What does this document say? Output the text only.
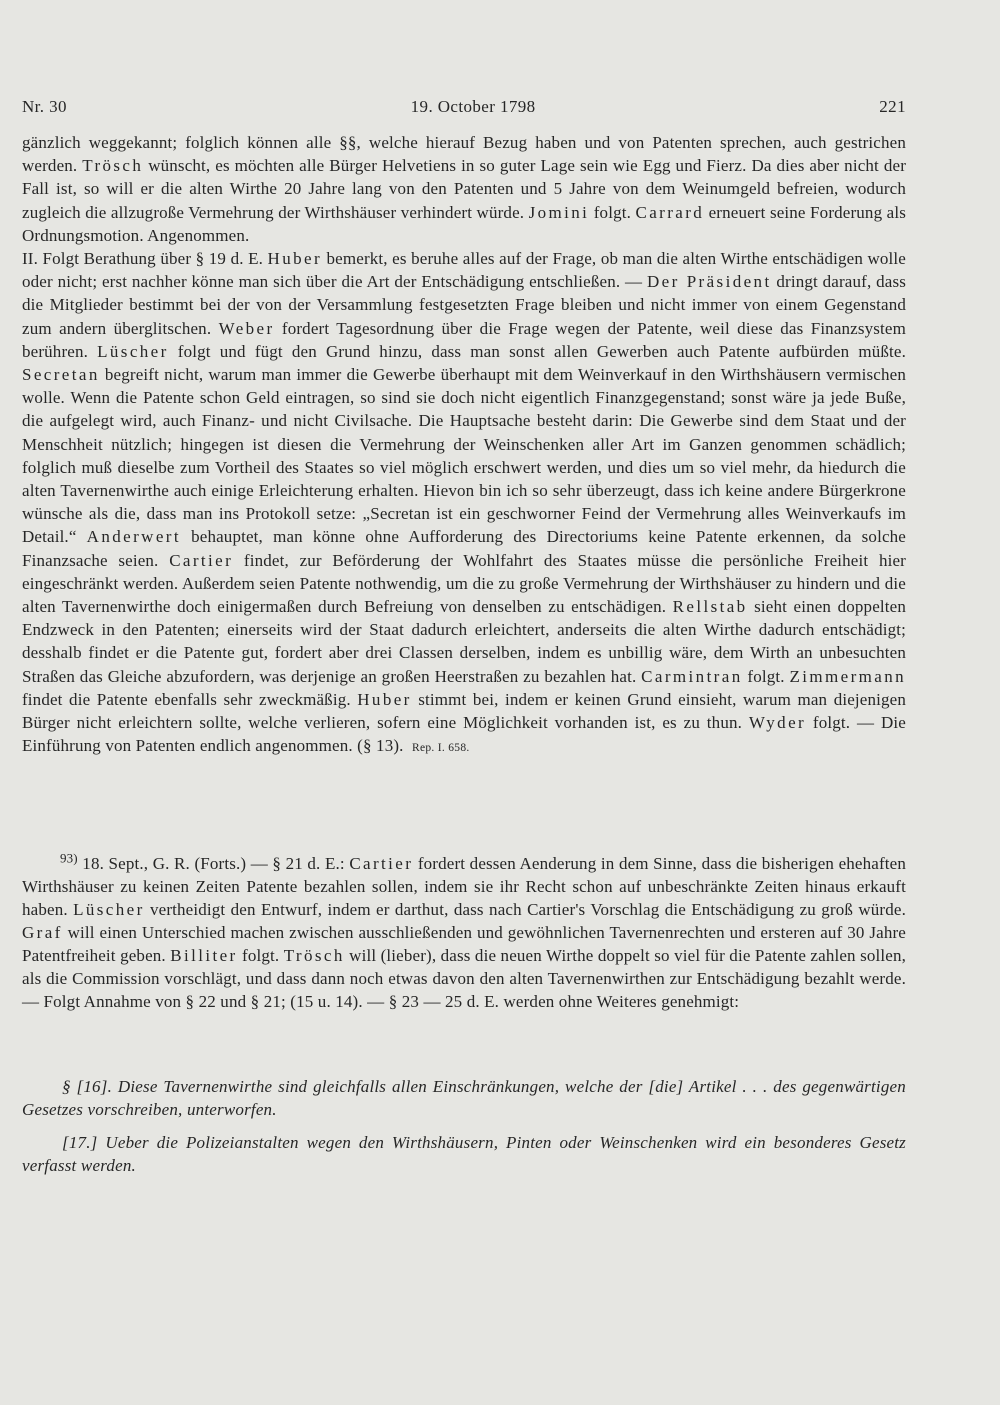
Nr. 30	19. October 1798	221

gänzlich weggekannt; folglich können alle §§, welche hierauf Bezug haben und von Patenten sprechen, auch gestrichen werden. Trösch wünscht, es möchten alle Bürger Helvetiens in so guter Lage sein wie Egg und Fierz. Da dies aber nicht der Fall ist, so will er die alten Wirthe 20 Jahre lang von den Patenten und 5 Jahre von dem Weinumgeld befreien, wodurch zugleich die allzugroße Vermehrung der Wirthshäuser verhindert würde. Jomini folgt. Carrard erneuert seine Forderung als Ordnungsmotion. Angenommen.

II. Folgt Berathung über § 19 d. E. Huber bemerkt, es beruhe alles auf der Frage, ob man die alten Wirthe entschädigen wolle oder nicht; erst nachher könne man sich über die Art der Entschädigung entschließen. — Der Präsident dringt darauf, dass die Mitglieder bestimmt bei der von der Versammlung festgesetzten Frage bleiben und nicht immer von einem Gegenstand zum andern überglitschen. Weber fordert Tagesordnung über die Frage wegen der Patente, weil diese das Finanzsystem berühren. Lüscher folgt und fügt den Grund hinzu, dass man sonst allen Gewerben auch Patente aufbürden müßte. Secretan begreift nicht, warum man immer die Gewerbe überhaupt mit dem Weinverkauf in den Wirthshäusern vermischen wolle. Wenn die Patente schon Geld eintragen, so sind sie doch nicht eigentlich Finanzgegenstand; sonst wäre ja jede Buße, die aufgelegt wird, auch Finanz- und nicht Civilsache. Die Hauptsache besteht darin: Die Gewerbe sind dem Staat und der Menschheit nützlich; hingegen ist diesen die Vermehrung der Weinschenken aller Art im Ganzen genommen schädlich; folglich muß dieselbe zum Vortheil des Staates so viel möglich erschwert werden, und dies um so viel mehr, da hiedurch die alten Tavernenwirthe auch einige Erleichterung erhalten. Hievon bin ich so sehr überzeugt, dass ich keine andere Bürgerkrone wünsche als die, dass man ins Protokoll setze: „Secretan ist ein geschworner Feind der Vermehrung alles Weinverkaufs im Detail.“ Anderwert behauptet, man könne ohne Aufforderung des Directoriums keine Patente erkennen, da solche Finanzsache seien. Cartier findet, zur Beförderung der Wohlfahrt des Staates müsse die persönliche Freiheit hier eingeschränkt werden. Außerdem seien Patente nothwendig, um die zu große Vermehrung der Wirthshäuser zu hindern und die alten Tavernenwirthe doch einigermaßen durch Befreiung von denselben zu entschädigen. Rellstab sieht einen doppelten Endzweck in den Patenten; einerseits wird der Staat dadurch erleichtert, anderseits die alten Wirthe dadurch entschädigt; desshalb findet er die Patente gut, fordert aber drei Classen derselben, indem es unbillig wäre, dem Wirth an unbesuchten Straßen das Gleiche abzufordern, was derjenige an großen Heerstraßen zu bezahlen hat. Carmintran folgt. Zimmermann findet die Patente ebenfalls sehr zweckmäßig. Huber stimmt bei, indem er keinen Grund einsieht, warum man diejenigen Bürger nicht erleichtern sollte, welche verlieren, sofern eine Möglichkeit vorhanden ist, es zu thun. Wyder folgt. — Die Einführung von Patenten endlich angenommen. (§ 13). Rep. I. 658.

$^{93)}$ 18. Sept., G. R. (Forts.) — § 21 d. E.: Cartier fordert dessen Aenderung in dem Sinne, dass die bisherigen ehehaften Wirthshäuser zu keinen Zeiten Patente bezahlen sollen, indem sie ihr Recht schon auf unbeschränkte Zeiten hinaus erkauft haben. Lüscher vertheidigt den Entwurf, indem er darthut, dass nach Cartier's Vorschlag die Entschädigung zu groß würde. Graf will einen Unterschied machen zwischen ausschließenden und gewöhnlichen Tavernenrechten und ersteren auf 30 Jahre Patentfreiheit geben. Billiter folgt. Trösch will (lieber), dass die neuen Wirthe doppelt so viel für die Patente zahlen sollen, als die Commission vorschlägt, und dass dann noch etwas davon den alten Tavernenwirthen zur Entschädigung bezahlt werde. — Folgt Annahme von § 22 und § 21; (15 u. 14). — § 23 — 25 d. E. werden ohne Weiteres genehmigt:

§ [16]. Diese Tavernenwirthe sind gleichfalls allen Einschränkungen, welche der [die] Artikel . . . des gegenwärtigen Gesetzes vorschreiben, unterworfen.

[17.] Ueber die Polizeianstalten wegen den Wirthshäusern, Pinten oder Weinschenken wird ein besonderes Gesetz verfasst werden.
